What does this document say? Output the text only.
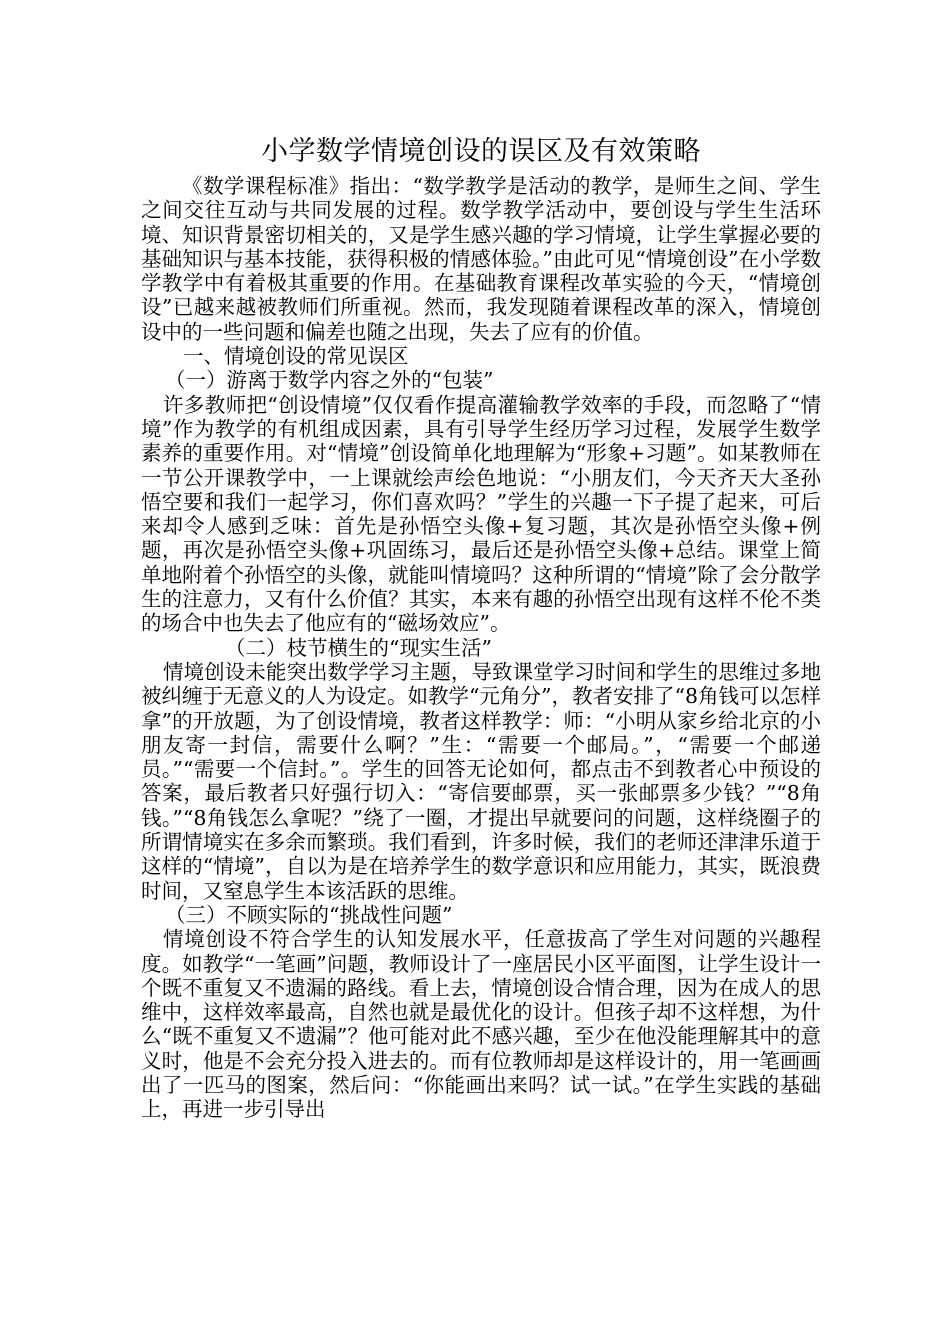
小学数学情境创设的误区及有效策略

《数学课程标准》指出：“数学教学是活动的教学，是师生之间、学生之间交往互动与共同发展的过程。数学教学活动中，要创设与学生生活环境、知识背景密切相关的，又是学生感兴趣的学习情境，让学生掌握必要的基础知识与基本技能，获得积极的情感体验。”由此可见“情境创设”在小学数学教学中有着极其重要的作用。在基础教育课程改革实验的今天，“情境创设”已越来越被教师们所重视。然而，我发现随着课程改革的深入，情境创设中的一些问题和偏差也随之出现，失去了应有的价值。

一、情境创设的常见误区

（一）游离于数学内容之外的“包装”

许多教师把“创设情境”仅仅看作提高灌输教学效率的手段，而忽略了“情境”作为教学的有机组成因素，具有引导学生经历学习过程，发展学生数学素养的重要作用。对“情境”创设简单化地理解为“形象+习题”。如某教师在一节公开课教学中，一上课就绘声绘色地说：“小朋友们，今天齐天大圣孙悟空要和我们一起学习，你们喜欢吗？”学生的兴趣一下子提了起来，可后来却令人感到乏味：首先是孙悟空头像+复习题，其次是孙悟空头像+例题，再次是孙悟空头像+巩固练习，最后还是孙悟空头像+总结。课堂上简单地附着个孙悟空的头像，就能叫情境吗？这种所谓的“情境”除了会分散学生的注意力，又有什么价值？其实，本来有趣的孙悟空出现有这样不伦不类的场合中也失去了他应有的“磁场效应”。

（二）枝节横生的“现实生活”

情境创设未能突出数学学习主题，导致课堂学习时间和学生的思维过多地被纠缠于无意义的人为设定。如教学“元角分”，教者安排了“8角钱可以怎样拿”的开放题，为了创设情境，教者这样教学：师：“小明从家乡给北京的小朋友寄一封信，需要什么啊？”生：“需要一个邮局。”，“需要一个邮递员。”“需要一个信封。”。学生的回答无论如何，都点击不到教者心中预设的答案，最后教者只好强行切入：“寄信要邮票，买一张邮票多少钱？”“8角钱。”“8角钱怎么拿呢？”绕了一圈，才提出早就要问的问题，这样绕圈子的所谓情境实在多余而繁琐。我们看到，许多时候，我们的老师还津津乐道于这样的“情境”，自以为是在培养学生的数学意识和应用能力，其实，既浪费时间，又窒息学生本该活跃的思维。

（三）不顾实际的“挑战性问题”

情境创设不符合学生的认知发展水平，任意拔高了学生对问题的兴趣程度。如教学“一笔画”问题，教师设计了一座居民小区平面图，让学生设计一个既不重复又不遗漏的路线。看上去，情境创设合情合理，因为在成人的思维中，这样效率最高，自然也就是最优化的设计。但孩子却不这样想，为什么“既不重复又不遗漏”？他可能对此不感兴趣，至少在他没能理解其中的意义时，他是不会充分投入进去的。而有位教师却是这样设计的，用一笔画画出了一匹马的图案，然后问：“你能画出来吗？试一试。”在学生实践的基础上，再进一步引导出
